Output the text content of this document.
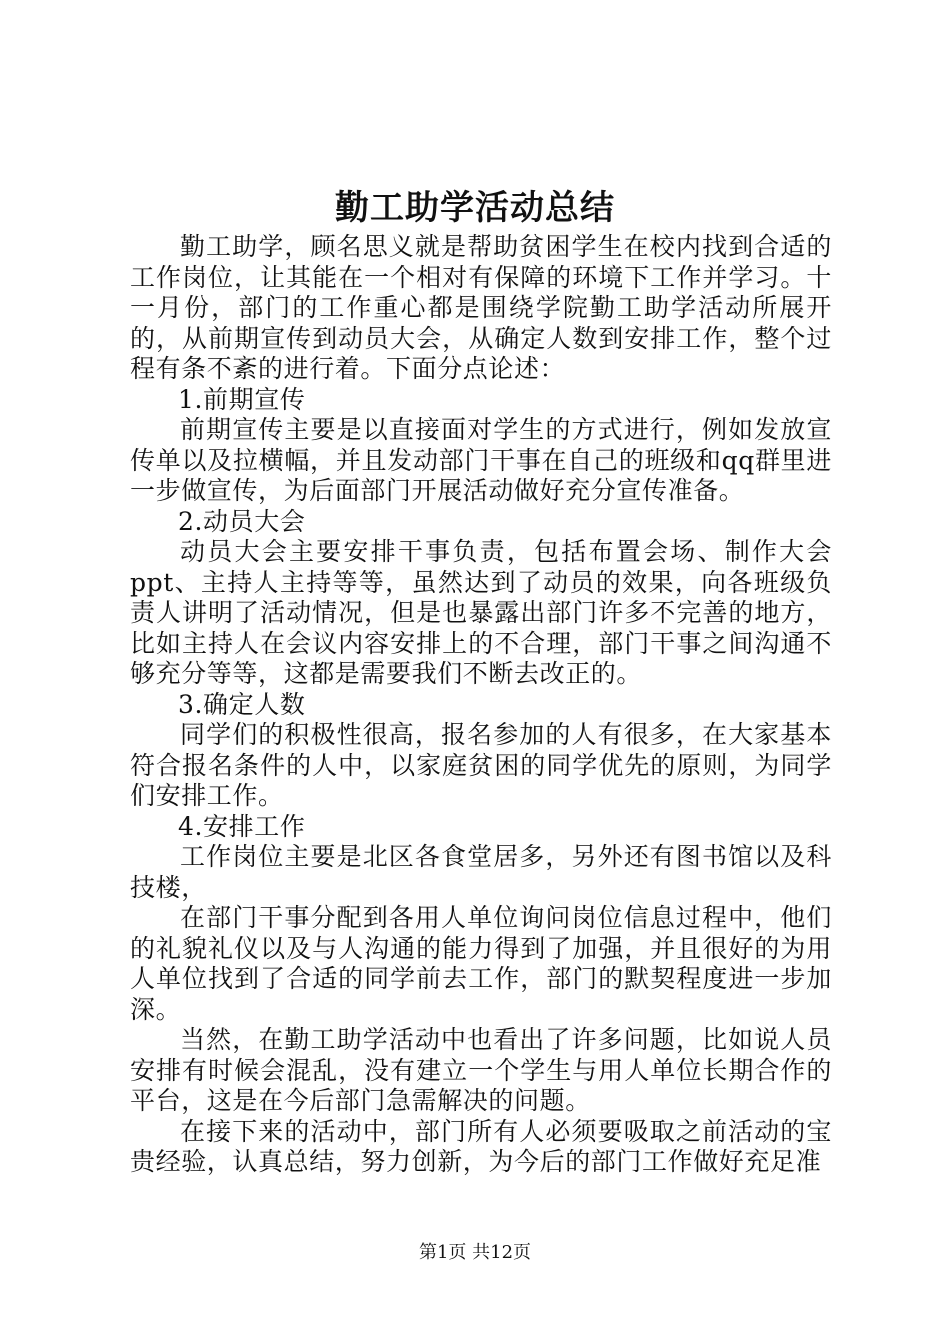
勤工助学活动总结

勤工助学，顾名思义就是帮助贫困学生在校内找到合适的工作岗位，让其能在一个相对有保障的环境下工作并学习。十一月份，部门的工作重心都是围绕学院勤工助学活动所展开的，从前期宣传到动员大会，从确定人数到安排工作，整个过程有条不紊的进行着。下面分点论述：

1.前期宣传

前期宣传主要是以直接面对学生的方式进行，例如发放宣传单以及拉横幅，并且发动部门干事在自己的班级和qq群里进一步做宣传，为后面部门开展活动做好充分宣传准备。

2.动员大会

动员大会主要安排干事负责，包括布置会场、制作大会ppt、主持人主持等等，虽然达到了动员的效果，向各班级负责人讲明了活动情况，但是也暴露出部门许多不完善的地方，比如主持人在会议内容安排上的不合理，部门干事之间沟通不够充分等等，这都是需要我们不断去改正的。

3.确定人数

同学们的积极性很高，报名参加的人有很多，在大家基本符合报名条件的人中，以家庭贫困的同学优先的原则，为同学们安排工作。

4.安排工作

工作岗位主要是北区各食堂居多，另外还有图书馆以及科技楼，

在部门干事分配到各用人单位询问岗位信息过程中，他们的礼貌礼仪以及与人沟通的能力得到了加强，并且很好的为用人单位找到了合适的同学前去工作，部门的默契程度进一步加深。

当然，在勤工助学活动中也看出了许多问题，比如说人员安排有时候会混乱，没有建立一个学生与用人单位长期合作的平台，这是在今后部门急需解决的问题。

在接下来的活动中，部门所有人必须要吸取之前活动的宝贵经验，认真总结，努力创新，为今后的部门工作做好充足准

第1页 共12页
